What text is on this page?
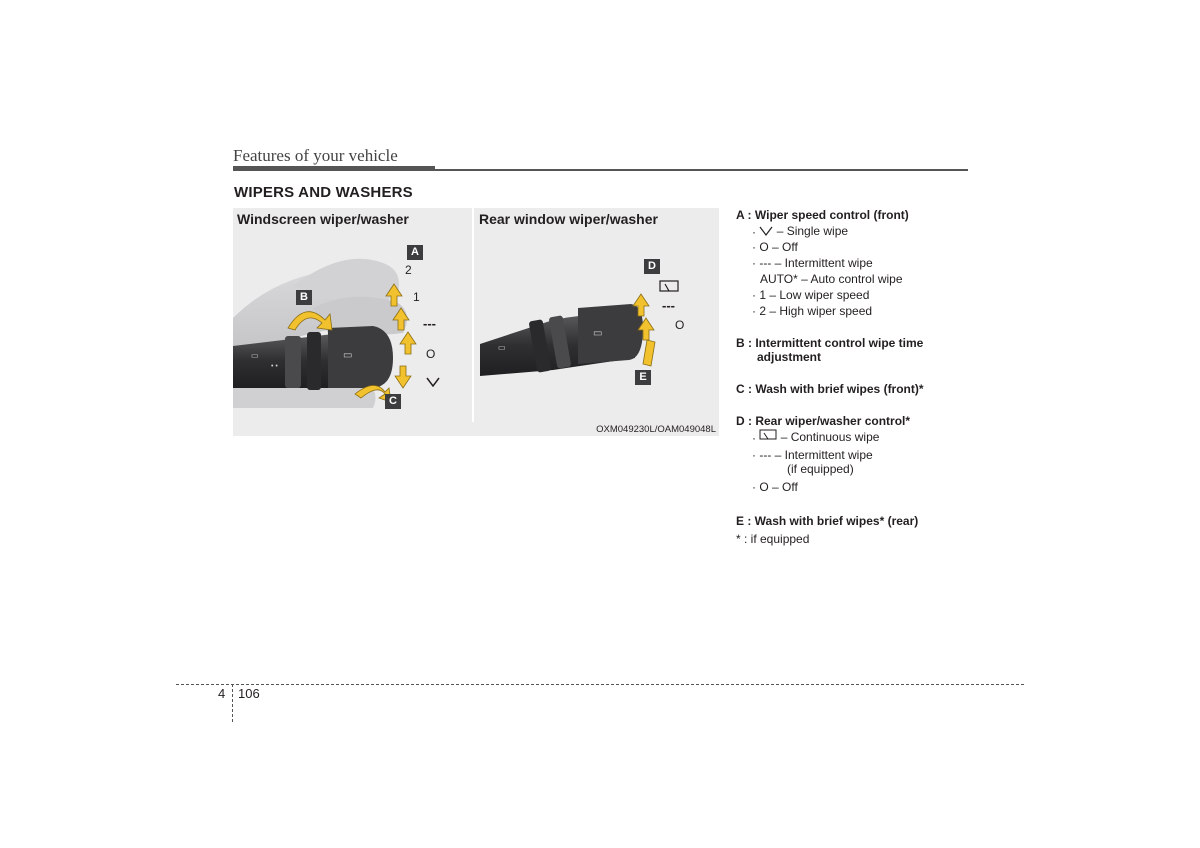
Features of your vehicle
WIPERS AND WASHERS
▭
• •
▭
▭
▭
Windscreen wiper/washer	Rear window wiper/washer
A
B
C
D
E
2
1
---
O
---
O
OXM049230L/OAM049048L
A : Wiper speed control (front)
·  – Single wipe
· O – Off
· --- – Intermittent wipe
AUTO* – Auto control wipe
· 1 – Low wiper speed
· 2 – High wiper speed
B : Intermittent control wipe time
adjustment
C : Wash with brief wipes (front)*
D : Rear wiper/washer control*
·  – Continuous wipe
· --- – Intermittent wipe
(if equipped)
· O – Off
E : Wash with brief wipes* (rear)
* : if equipped
4 106
